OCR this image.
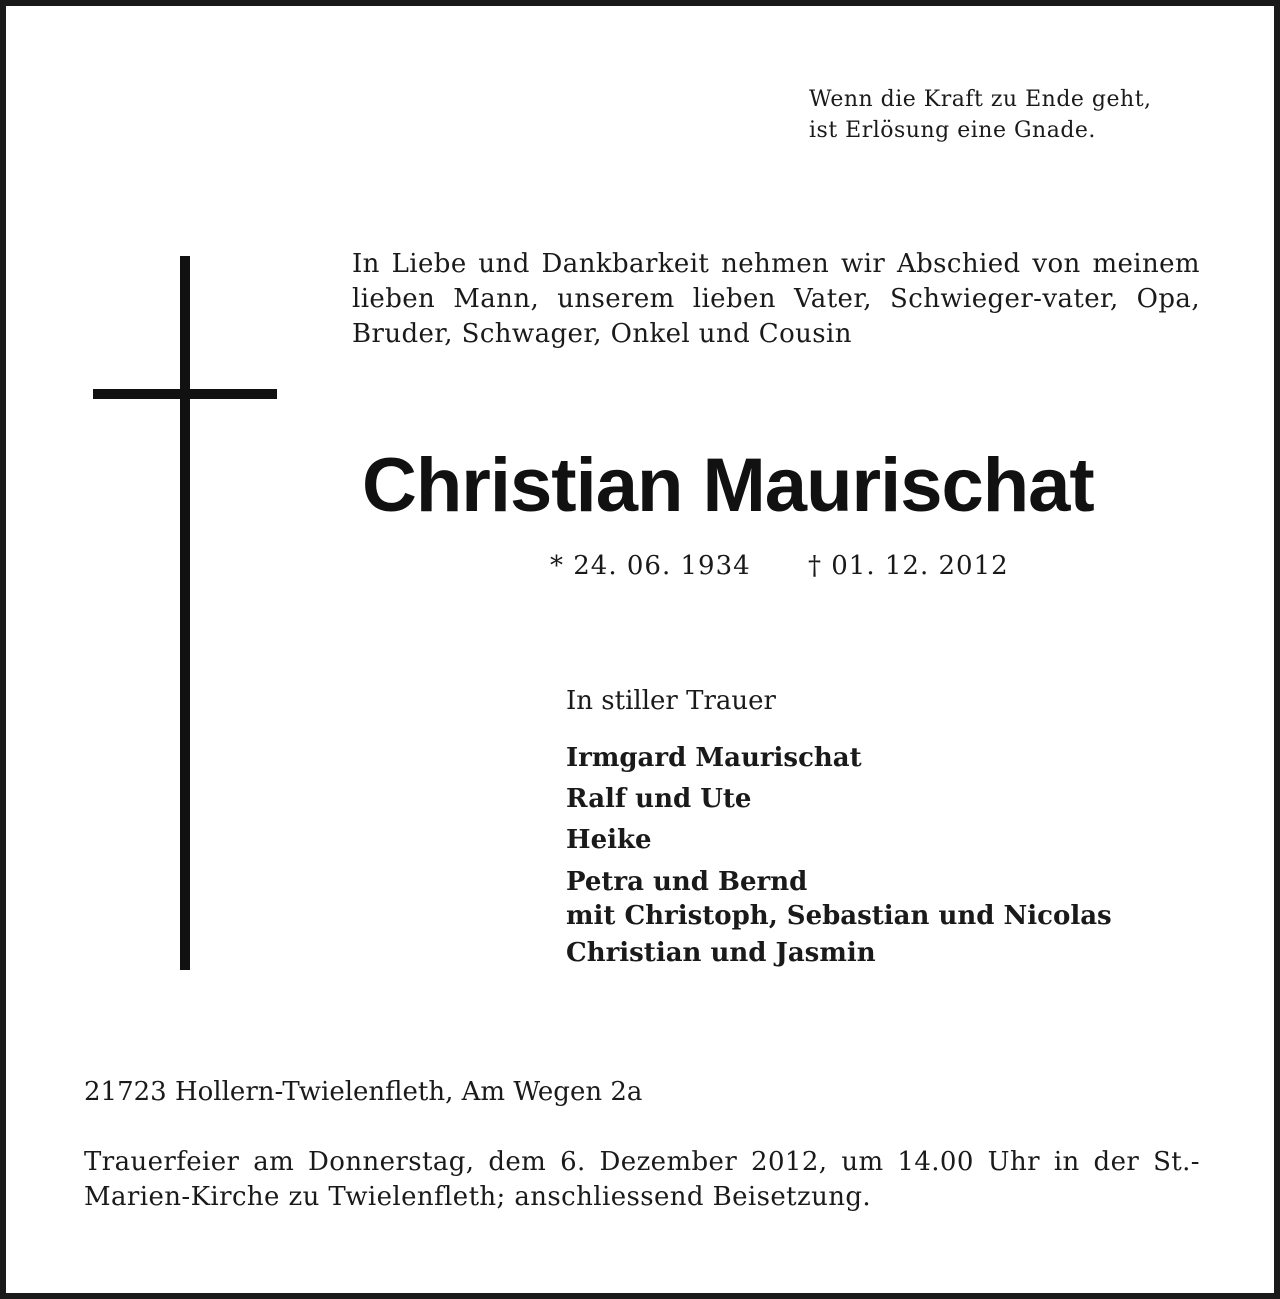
Wenn die Kraft zu Ende geht,
ist Erlösung eine Gnade.
In Liebe und Dankbarkeit nehmen wir Abschied von meinem lieben Mann, unserem lieben Vater, Schwieger-vater, Opa, Bruder, Schwager, Onkel und Cousin
Christian Maurischat
* 24. 06. 1934 † 01. 12. 2012
In stiller Trauer
Irmgard Maurischat
Ralf und Ute
Heike
Petra und Bernd
mit Christoph, Sebastian und Nicolas
Christian und Jasmin
21723 Hollern-Twielenfleth, Am Wegen 2a
Trauerfeier am Donnerstag, dem 6. Dezember 2012, um 14.00 Uhr in der St.-Marien-Kirche zu Twielenfleth; anschliessend Beisetzung.
